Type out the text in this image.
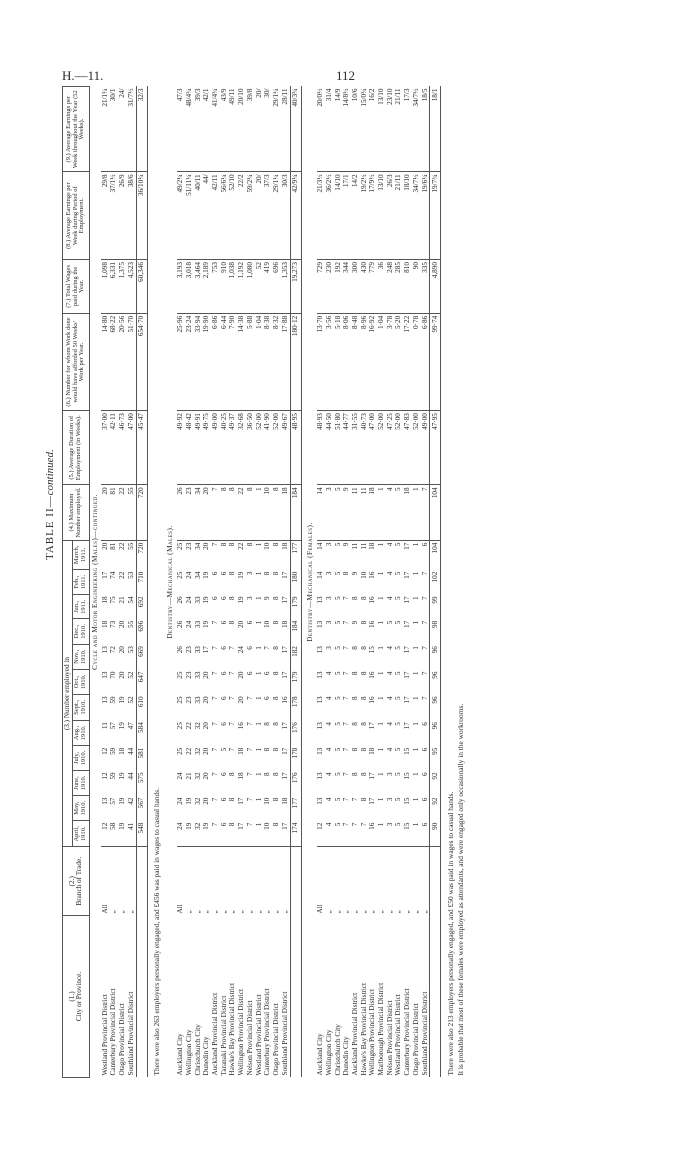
H.—11.	112
TABLE II—continued.
(1.)
City or Province.	(2.)
Branch of Trade.	(3.) Number employed in												(4.) Maximum Number employed.	(5.) Average Duration of Employment (in Weeks).	(6.) Number for whom Work done would have afforded 50 Weeks' Work per Year.	(7.) Total Wages paid during the Year.	(8.) Average Earnings per Week during Period of Employment.	(9.) Average Earnings per Week throughout the Year (52 Weeks).
		April, 1910.	May, 1910.	June, 1910.	July, 1910.	Aug., 1910.	Sept., 1910.	Oct., 1910.	Nov., 1910.	Dec., 1910.	Jan., 1911.	Feb., 1911.	March, 1911.						
Cycle and Motor Engineering (Males)—continued.																			
Westland Provincial District	All	12	13	12	12	11	13	13	13	18	18	17	20	20	37·00	14·80	1,098	29/8	21/1¼
Canterbury Provincial District	„	58	57	59	59	57	59	70	72	73	75	74	81	81	42·11	68·22	6,331	37/1½	30/1
Otago Provincial District	„	19	19	19	18	19	19	20	20	20	21	22	22	22	46·73	20·56	1,375	26/9	24/
Southland Provincial District	„	41	42	44	44	47	52	52	53	55	54	53	55	55	47·00	51·70	4,523	38/6	31/7½
		548	567	575	581	584	610	647	669	696	692	710	720	720	45·47	654·70	60,346	36/10¼	32/3

There were also 263 employers personally engaged, and £456 was paid in wages to casual hands.																			

Dentistry—Mechanical (Males).																			
Auckland City	All	24	24	24	25	25	25	25	26	26	26	25	25	26	49·92	25·96	3,193	49/2¼	47/3
Wellington City	„	19	19	21	22	22	23	23	23	24	24	24	23	23	48·42	23·24	3,018	51/11¼	48/4¾
Christchurch City	„	32	32	32	32	32	33	33	33	33	33	34	34	34	49·91	33·94	3,464	40/11	39/3
Dunedin City	„	19	20	20	20	20	20	20	17	19	19	19	20	20	49·75	19·90	2,189	44/	42/1
Auckland Provincial District	„	7	7	7	7	7	7	7	7	7	6	6	7	7	49·00	6·86	753	42/11	41/4¾
Taranaki Provincial District	„	6	6	6	5	6	6	6	6	6	6	6	8	8	40·25	6·44	910	56/6¼	43/9
Hawke's Bay Provincial District	„	8	8	8	7	7	7	7	7	8	8	8	8	8	49·37	7·90	1,038	52/10	49/11
Wellington Provincial District	„	17	17	18	18	16	20	20	24	20	19	19	22	22	32·68	14·38	1,192	22/2	20/10
Nelson Provincial District	„	7	7	7	7	7	7	6	6	6	3	3	8	8	36·50	5·88	1,080	59/2¼	39/8
Westland Provincial District	„	1	1	1	1	1	1	1	1	1	1	1	1	1	52·00	1·04	52	20/	20/
Canterbury Provincial District	„	10	10	8	8	8	6	6	7	10	9	8	10	10	41·90	8·38	419	37/3	30/
Otago Provincial District	„	8	8	8	8	8	8	8	8	8	8	8	8	8	52·00	8·32	696	29/1¼	29/1¼
Southland Provincial District	„	17	18	17	17	17	16	17	17	18	17	17	18	18	49·67	17·88	1,353	30/3	28/11
		174	177	176	178	176	178	179	182	184	179	180	177	184	48·95	180·12	19,273	42/9¼	40/3¾

Dentistry—Mechanical (Females).																			
Auckland City	All	12	13	13	13	13	13	13	13	13	13	14	14	14	48·93	13·70	729	21/3½	20/0½
Wellington City	„	4	4	4	4	4	4	4	3	3	3	3	3	3	44·50	3·56	230	36/2½	31/4
Christchurch City	„	5	5	5	5	5	5	5	5	5	5	5	5	5	51·80	5·18	192	14/10	14/9
Dunedin City	„	7	7	7	7	7	7	7	7	7	7	8	9	9	44·77	8·06	344	17/1	14/8½
Auckland Provincial District	„	7	7	8	8	8	8	8	8	9	8	9	11	11	31·55	8·48	300	14/2	10/6
Hawke's Bay Provincial District	„	7	8	8	8	8	8	8	8	8	8	10	11	11	40·73	8·96	430	19/2½	15/0¾
Wellington Provincial District	„	16	17	17	18	17	16	16	15	16	16	16	18	18	47·00	16·92	779	17/9½	16/2
Marlborough Provincial District	„	1	1	1	1	1	1	1	1	1	1	1	1	1	52·00	1·04	36	13/10	13/10
Nelson Provincial District	„	3	3	3	4	4	4	4	4	5	4	4	4	4	47·25	3·78	248	26/3	23/10
Westland Provincial District	„	5	5	5	5	5	5	5	5	5	5	5	5	5	52·00	5·20	285	21/11	21/11
Canterbury Provincial District	„	15	15	15	15	17	17	17	17	17	17	17	17	18	47·83	17·22	810	18/10	17/3
Otago Provincial District	„	1	1	1	1	1	1	1	1	1	1	1	1	1	52·00	0·78	90	34/7½	34/7½
Southland Provincial District	„	6	6	6	6	6	7	7	7	7	7	7	6	7	49·00	6·86	335	19/6¼	18/5
		90	92	92	95	96	96	96	96	98	99	102	104	104	47·95	99·74	4,890	19/7¾	18/1

There were also 213 employers personally engaged, and £50 was paid in wages to casual hands.																			
It is probable that most of these females were employed as attendants, and were engaged only occasionally in the workrooms.																			
